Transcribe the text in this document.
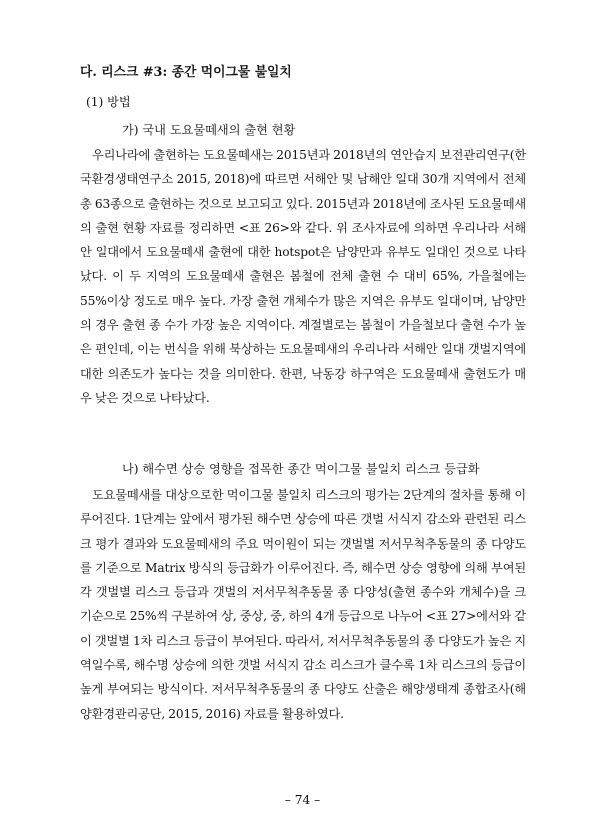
다. 리스크 #3: 종간 먹이그물 불일치
(1) 방법
가) 국내 도요물떼새의 출현 현황
우리나라에 출현하는 도요물떼새는 2015년과 2018년의 연안습지 보전관리연구(한국환경생태연구소 2015, 2018)에 따르면 서해안 및 남해안 일대 30개 지역에서 전체 총 63종으로 출현하는 것으로 보고되고 있다. 2015년과 2018년에 조사된 도요물떼새의 출현 현황 자료를 정리하면 <표 26>와 같다. 위 조사자료에 의하면 우리나라 서해안 일대에서 도요물떼새 출현에 대한 hotspot은 남양만과 유부도 일대인 것으로 나타났다. 이 두 지역의 도요물떼새 출현은 봄철에 전체 출현 수 대비 65%, 가을철에는 55%이상 정도로 매우 높다. 가장 출현 개체수가 많은 지역은 유부도 일대이며, 남양만의 경우 출현 종 수가 가장 높은 지역이다. 계절별로는 봄철이 가을철보다 출현 수가 높은 편인데, 이는 번식을 위해 북상하는 도요물떼새의 우리나라 서해안 일대 갯벌지역에 대한 의존도가 높다는 것을 의미한다. 한편, 낙동강 하구역은 도요물떼새 출현도가 매우 낮은 것으로 나타났다.
나) 해수면 상승 영향을 접목한 종간 먹이그물 불일치 리스크 등급화
도요물떼새를 대상으로한 먹이그물 불일치 리스크의 평가는 2단계의 절차를 통해 이루어진다. 1단계는 앞에서 평가된 해수면 상승에 따른 갯벌 서식지 감소와 관련된 리스크 평가 결과와 도요물떼새의 주요 먹이원이 되는 갯벌별 저서무척추동물의 종 다양도를 기준으로 Matrix 방식의 등급화가 이루어진다. 즉, 해수면 상승 영향에 의해 부여된 각 갯벌별 리스크 등급과 갯벌의 저서무척추동물 종 다양성(출현 종수와 개체수)을 크기순으로 25%씩 구분하여 상, 중상, 중, 하의 4개 등급으로 나누어 <표 27>에서와 같이 갯벌별 1차 리스크 등급이 부여된다. 따라서, 저서무척추동물의 종 다양도가 높은 지역일수록, 해수명 상승에 의한 갯벌 서식지 감소 리스크가 클수록 1차 리스크의 등급이 높게 부여되는 방식이다. 저서무척추동물의 종 다양도 산출은 해양생태계 종합조사(해양환경관리공단, 2015, 2016) 자료를 활용하였다.
– 74 –
